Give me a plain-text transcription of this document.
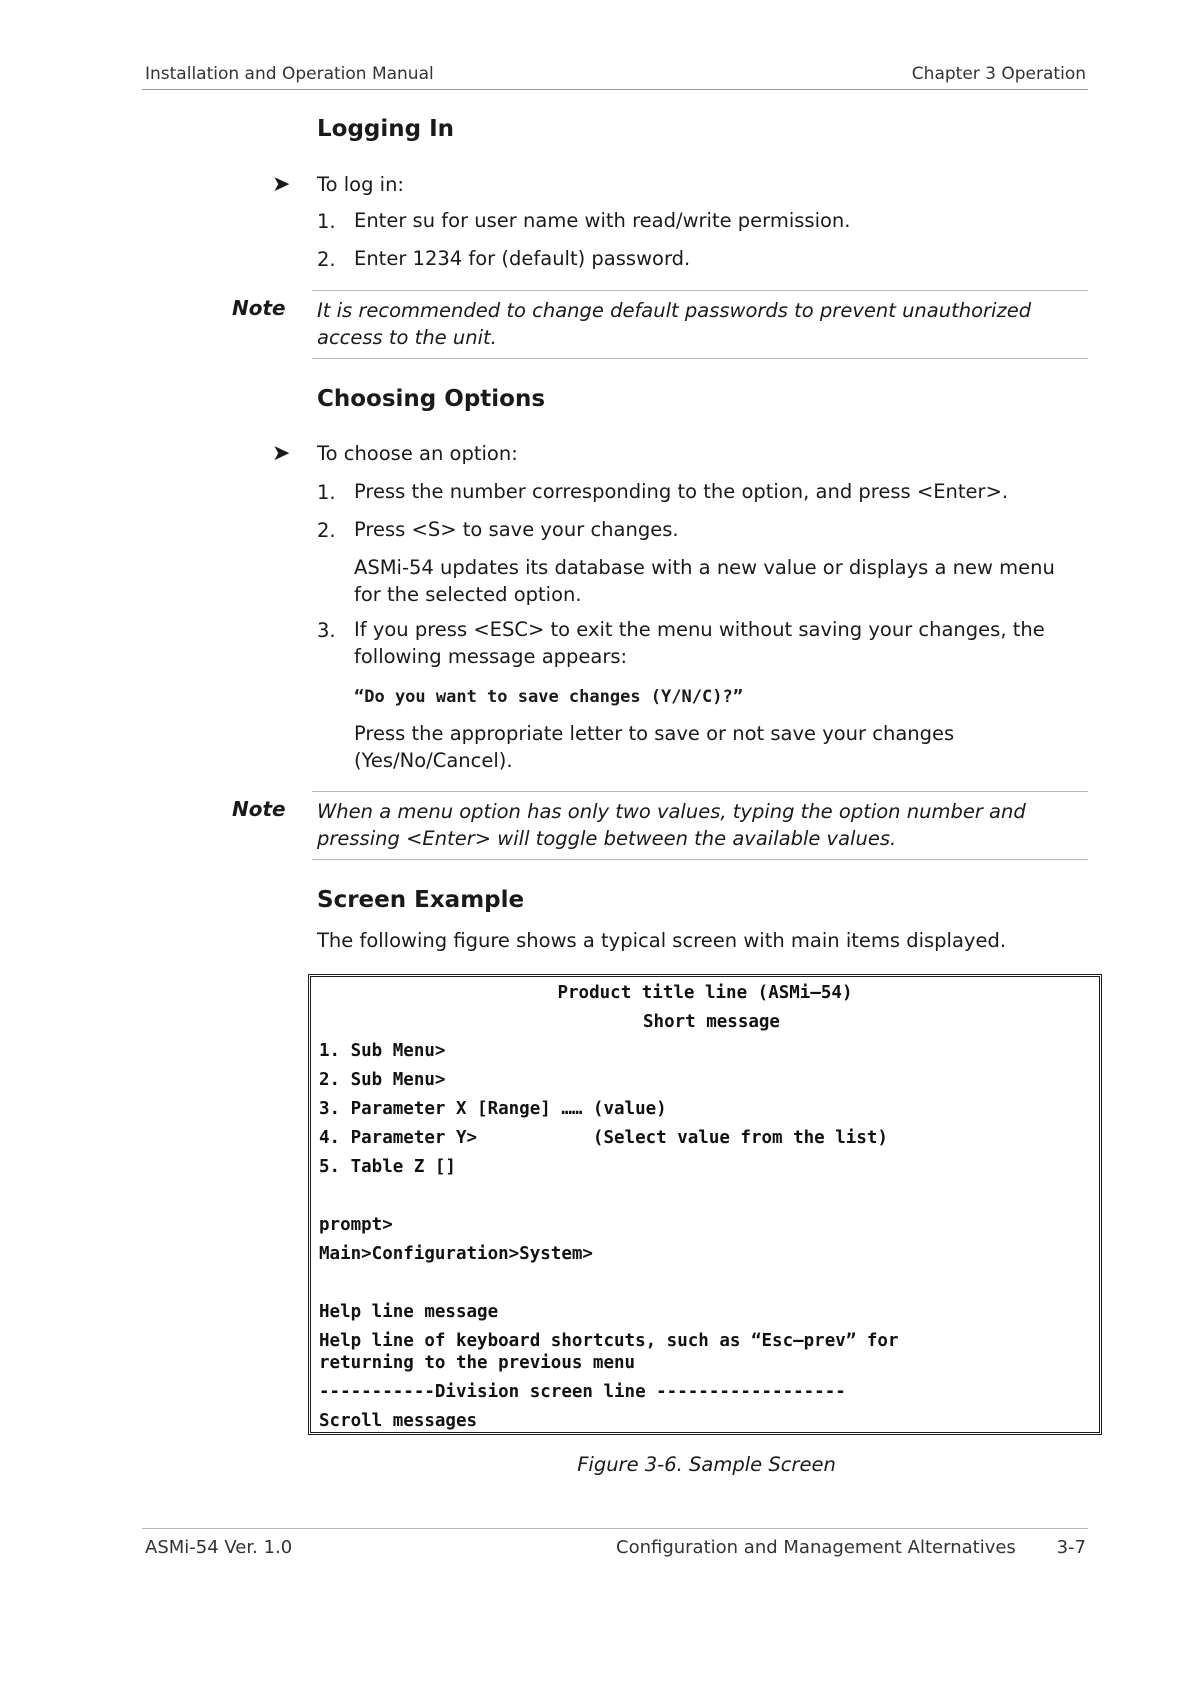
Installation and Operation Manual	Chapter 3 Operation
Logging In
➤ To log in:
1. Enter su for user name with read/write permission.
2. Enter 1234 for (default) password.
Note It is recommended to change default passwords to prevent unauthorized access to the unit.
Choosing Options
➤ To choose an option:
1. Press the number corresponding to the option, and press <Enter>.
2. Press <S> to save your changes.
ASMi-54 updates its database with a new value or displays a new menu for the selected option.
3. If you press <ESC> to exit the menu without saving your changes, the following message appears:
“Do you want to save changes (Y/N/C)?”
Press the appropriate letter to save or not save your changes (Yes/No/Cancel).
Note When a menu option has only two values, typing the option number and pressing <Enter> will toggle between the available values.
Screen Example
The following figure shows a typical screen with main items displayed.
Product title line (ASMi–54)
Short message
1. Sub Menu>
2. Sub Menu>
3. Parameter X [Range] …… (value)
4. Parameter Y>           (Select value from the list)
5. Table Z []
prompt>
Main>Configuration>System>
Help line message
Help line of keyboard shortcuts, such as “Esc–prev” for
returning to the previous menu
-----------Division screen line ------------------
Scroll messages
Figure 3-6. Sample Screen
ASMi-54 Ver. 1.0	Configuration and Management Alternatives 3-7
